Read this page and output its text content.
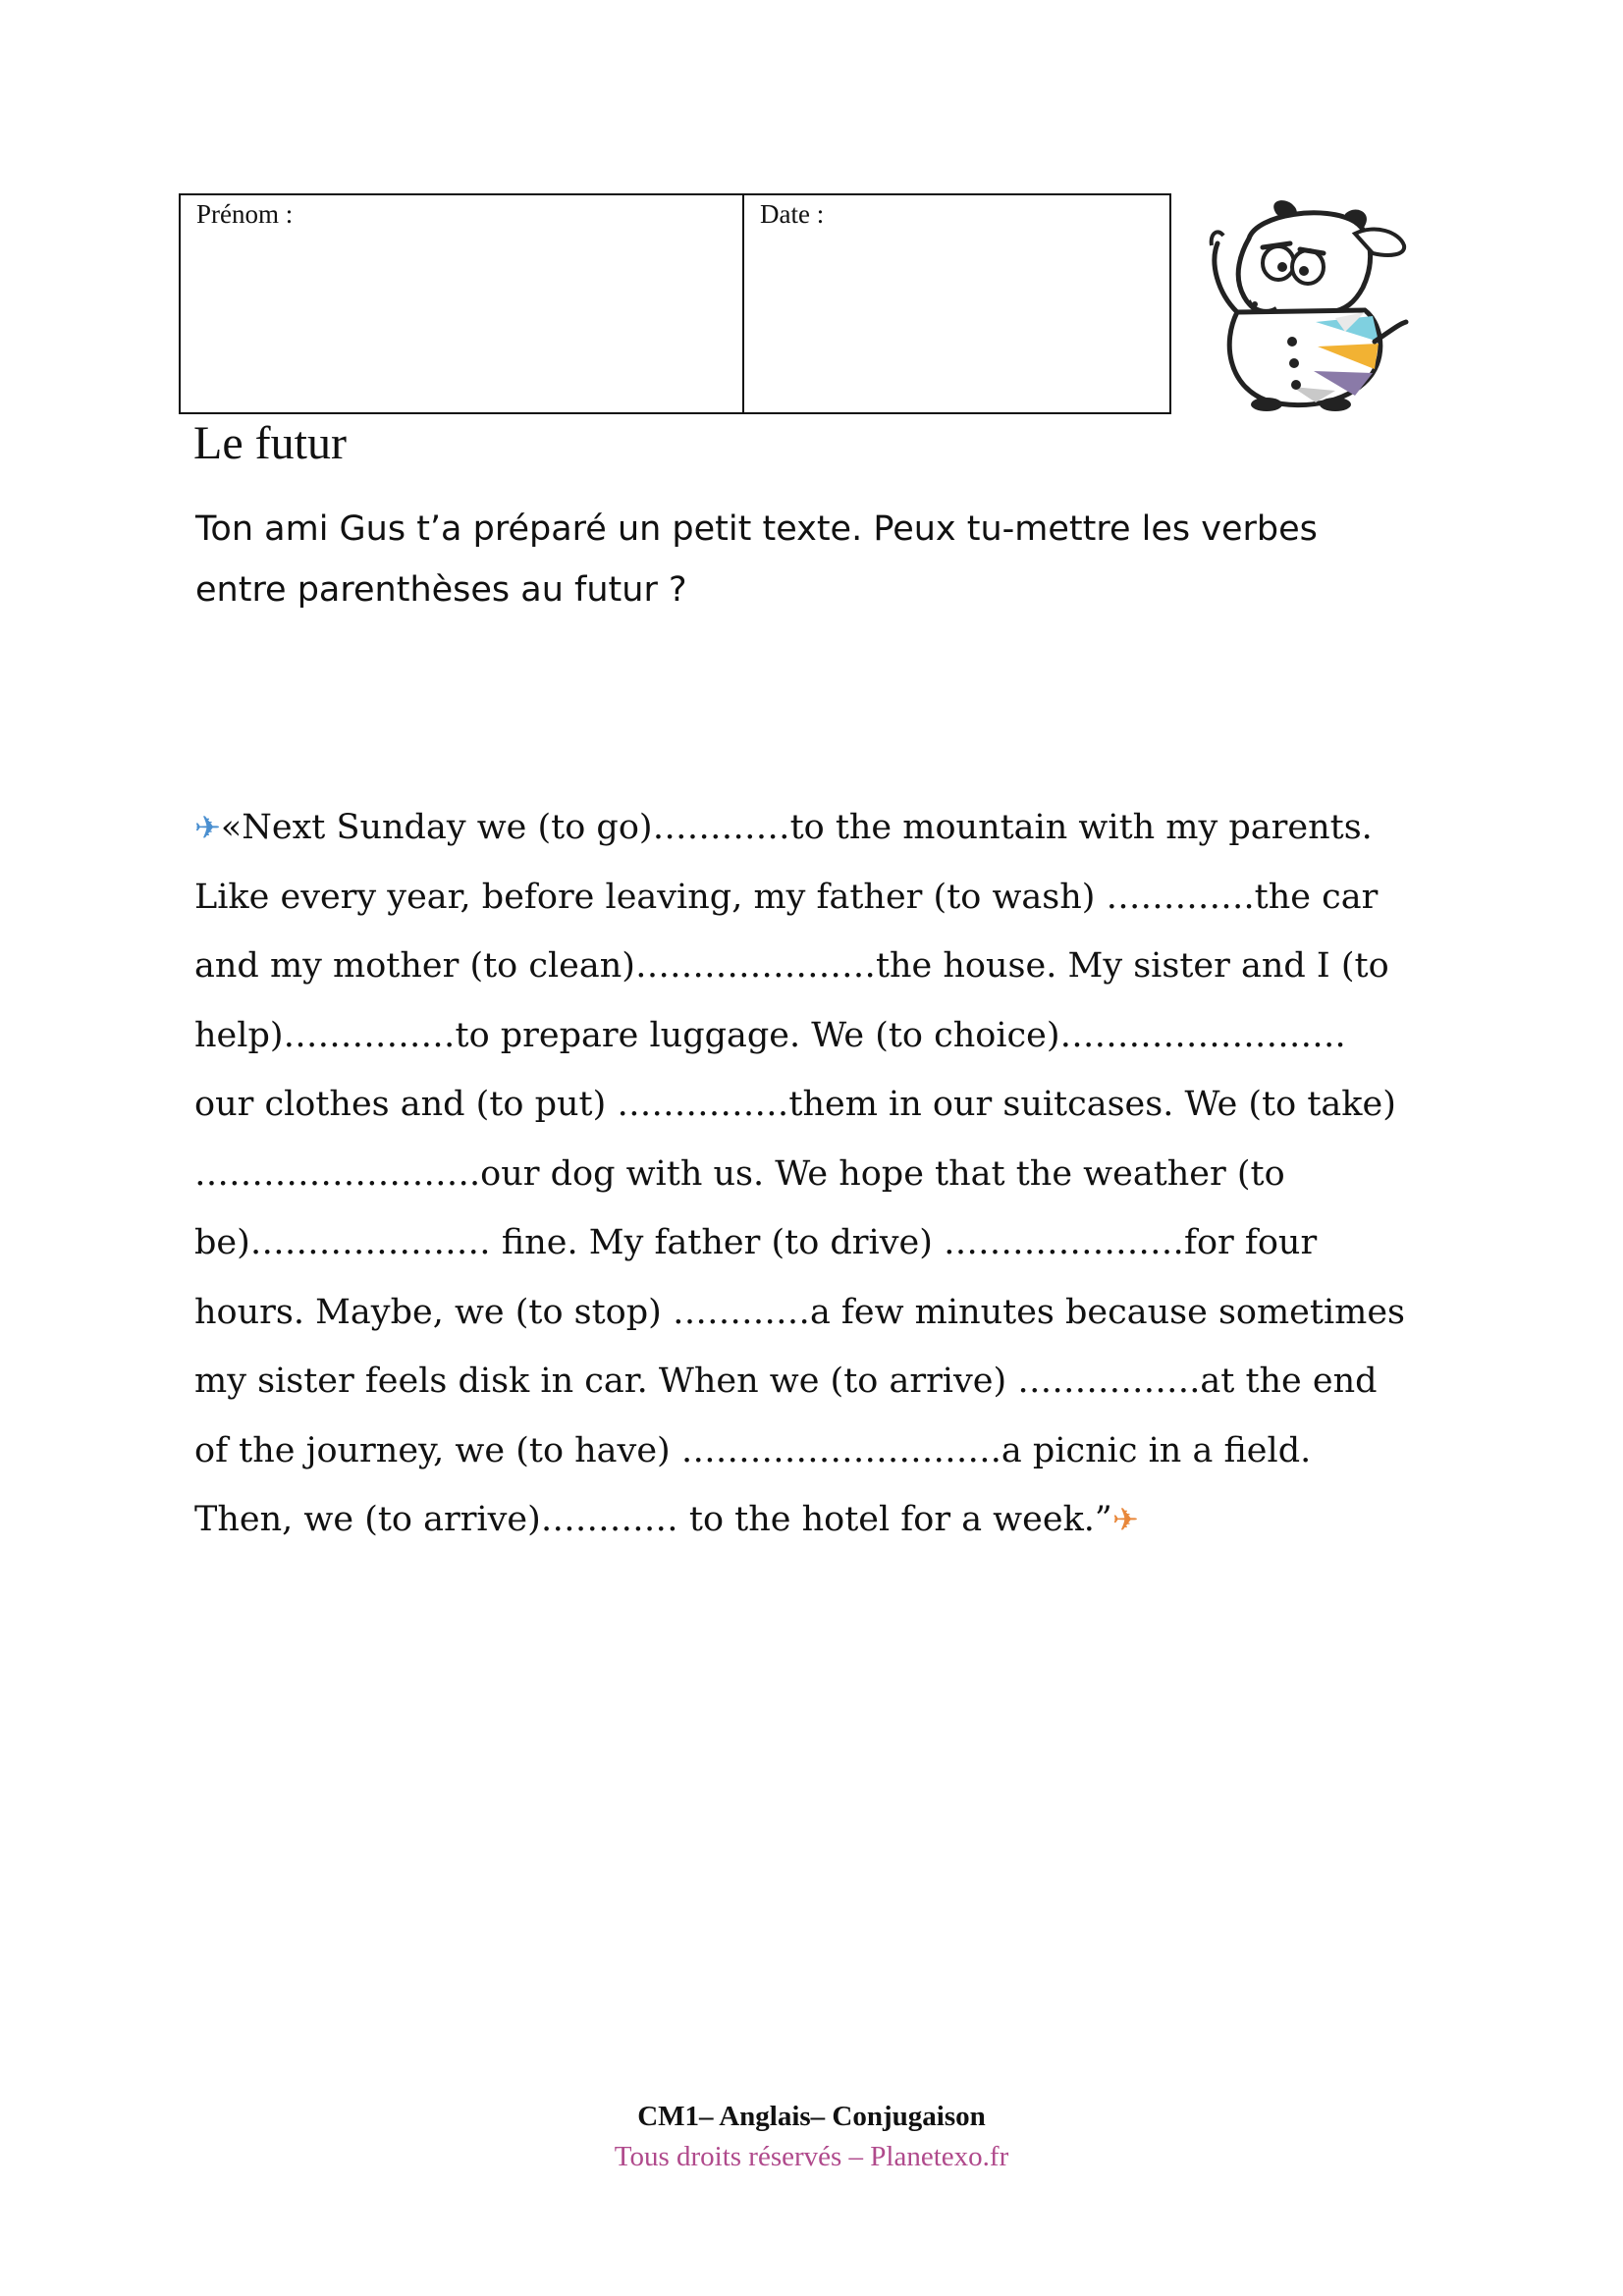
Prénom :	Date :
Le futur
Ton ami Gus t’a préparé un petit texte. Peux tu-mettre les verbes
entre parenthèses au futur ?
✈«Next Sunday we (to go)…………to the mountain with my parents.
Like every year, before leaving, my father (to wash) ………….the car
and my mother (to clean)…………………the house. My sister and I (to
help)……………to prepare luggage. We (to choice)…………………….
our clothes and (to put) ……………them in our suitcases. We (to take)
…………………….our dog with us. We hope that the weather (to
be)………………… fine. My father (to drive) …………………for four
hours. Maybe, we (to stop) …………a few minutes because sometimes
my sister feels disk in car. When we (to arrive) …………….at the end
of the journey, we (to have) ……………………….a picnic in a field.
Then, we (to arrive)………… to the hotel for a week.”✈
CM1– Anglais– Conjugaison
Tous droits réservés – Planetexo.fr
